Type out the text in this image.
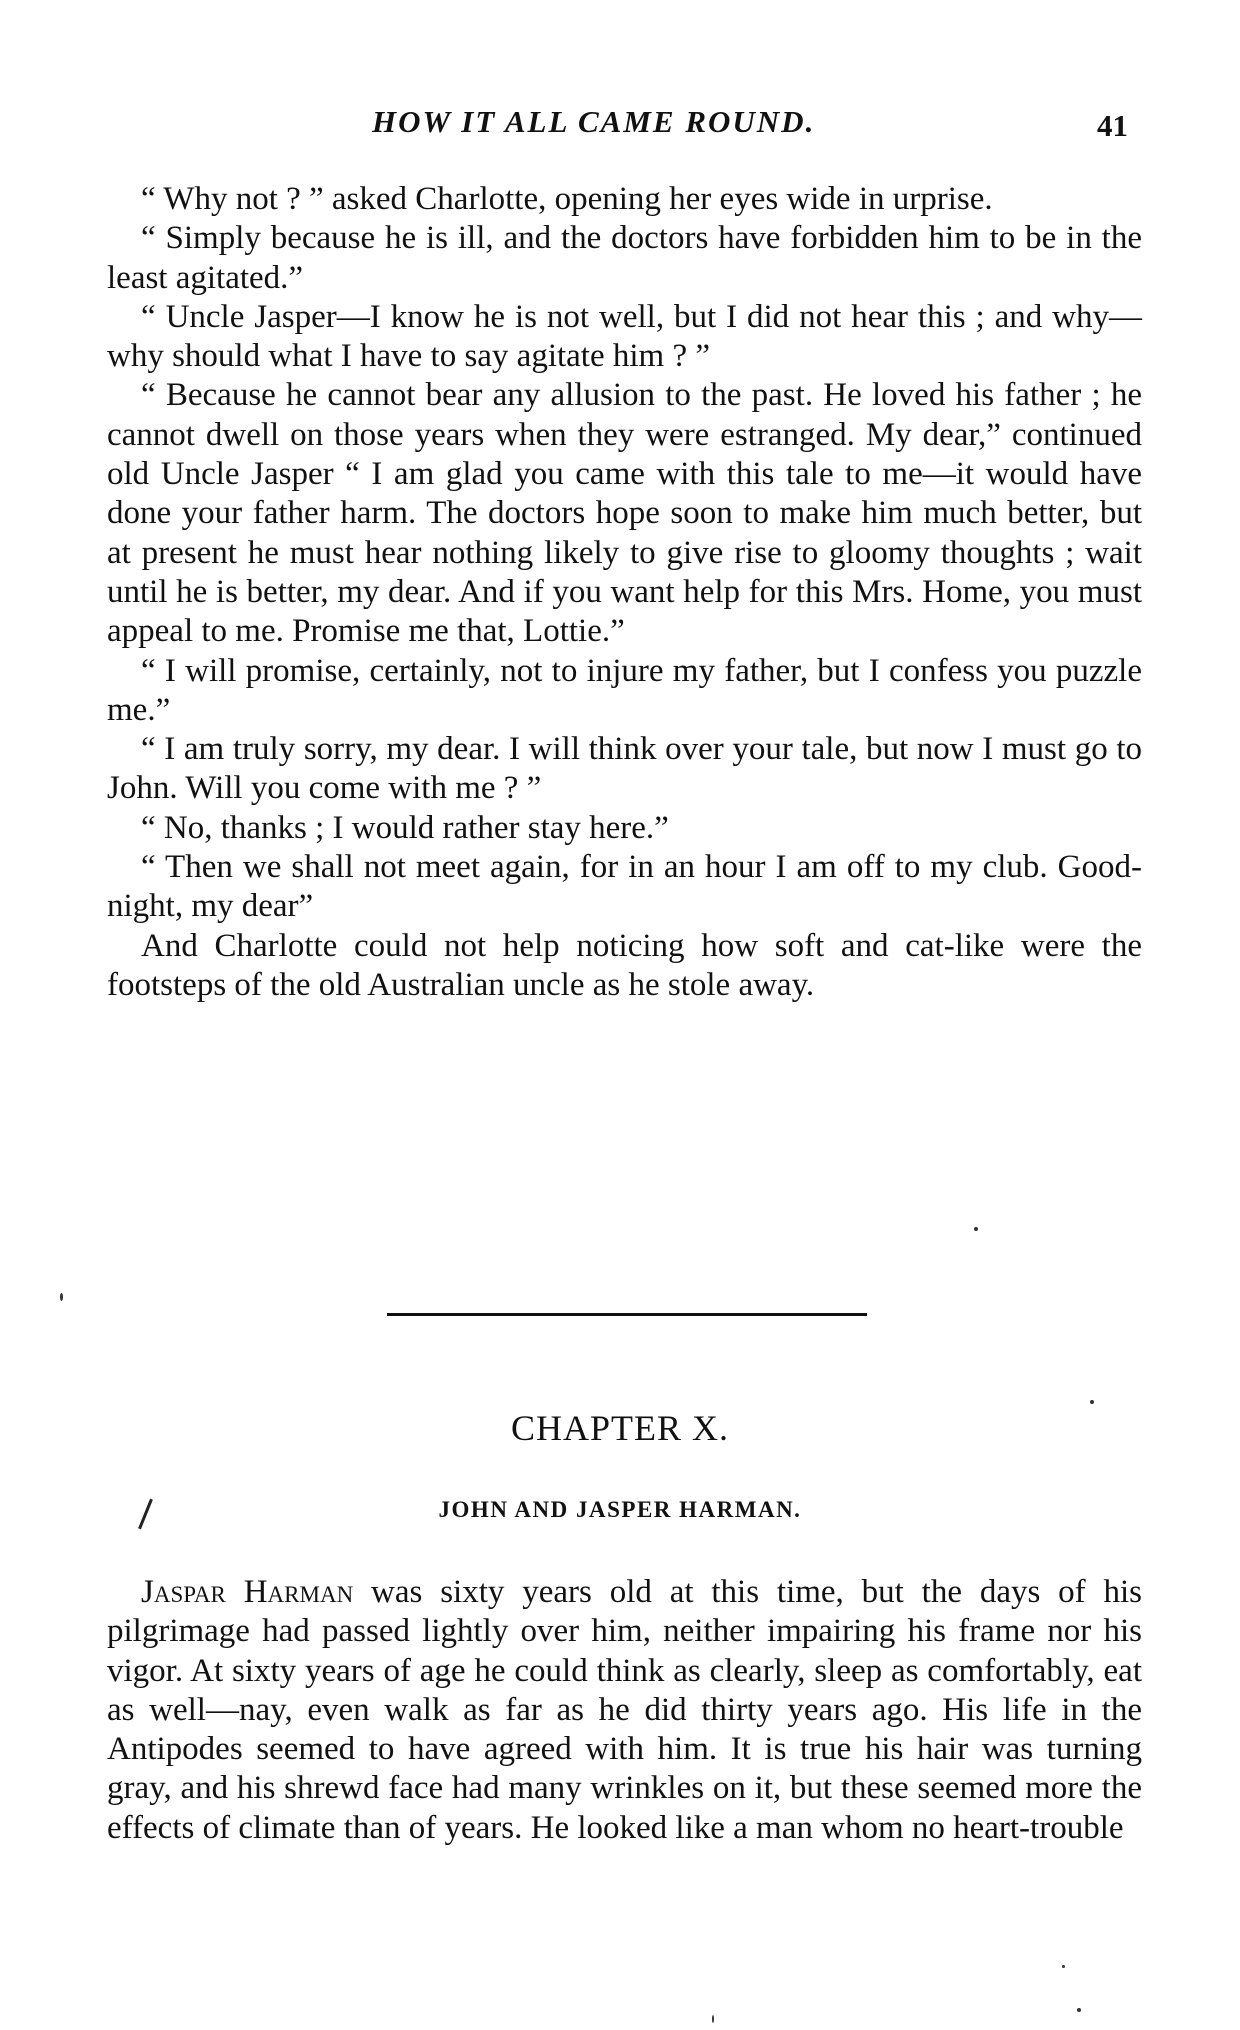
HOW IT ALL CAME ROUND.	41

“ Why not ? ” asked Charlotte, opening her eyes wide in urprise.

“ Simply because he is ill, and the doctors have forbidden him to be in the least agitated.”

“ Uncle Jasper—I know he is not well, but I did not hear this ; and why—why should what I have to say agitate him ? ”

“ Because he cannot bear any allusion to the past. He loved his father ; he cannot dwell on those years when they were estranged. My dear,” continued old Uncle Jasper “ I am glad you came with this tale to me—it would have done your father harm. The doctors hope soon to make him much better, but at present he must hear nothing likely to give rise to gloomy thoughts ; wait until he is better, my dear. And if you want help for this Mrs. Home, you must appeal to me. Promise me that, Lottie.”

“ I will promise, certainly, not to injure my father, but I confess you puzzle me.”

“ I am truly sorry, my dear. I will think over your tale, but now I must go to John. Will you come with me ? ”

“ No, thanks ; I would rather stay here.”

“ Then we shall not meet again, for in an hour I am off to my club. Good-night, my dear”

And Charlotte could not help noticing how soft and cat-like were the footsteps of the old Australian uncle as he stole away.

CHAPTER X.
JOHN AND JASPER HARMAN.

Jaspar Harman was sixty years old at this time, but the days of his pilgrimage had passed lightly over him, neither impairing his frame nor his vigor. At sixty years of age he could think as clearly, sleep as comfortably, eat as well—nay, even walk as far as he did thirty years ago. His life in the Antipodes seemed to have agreed with him. It is true his hair was turning gray, and his shrewd face had many wrinkles on it, but these seemed more the effects of climate than of years. He looked like a man whom no heart-trouble
